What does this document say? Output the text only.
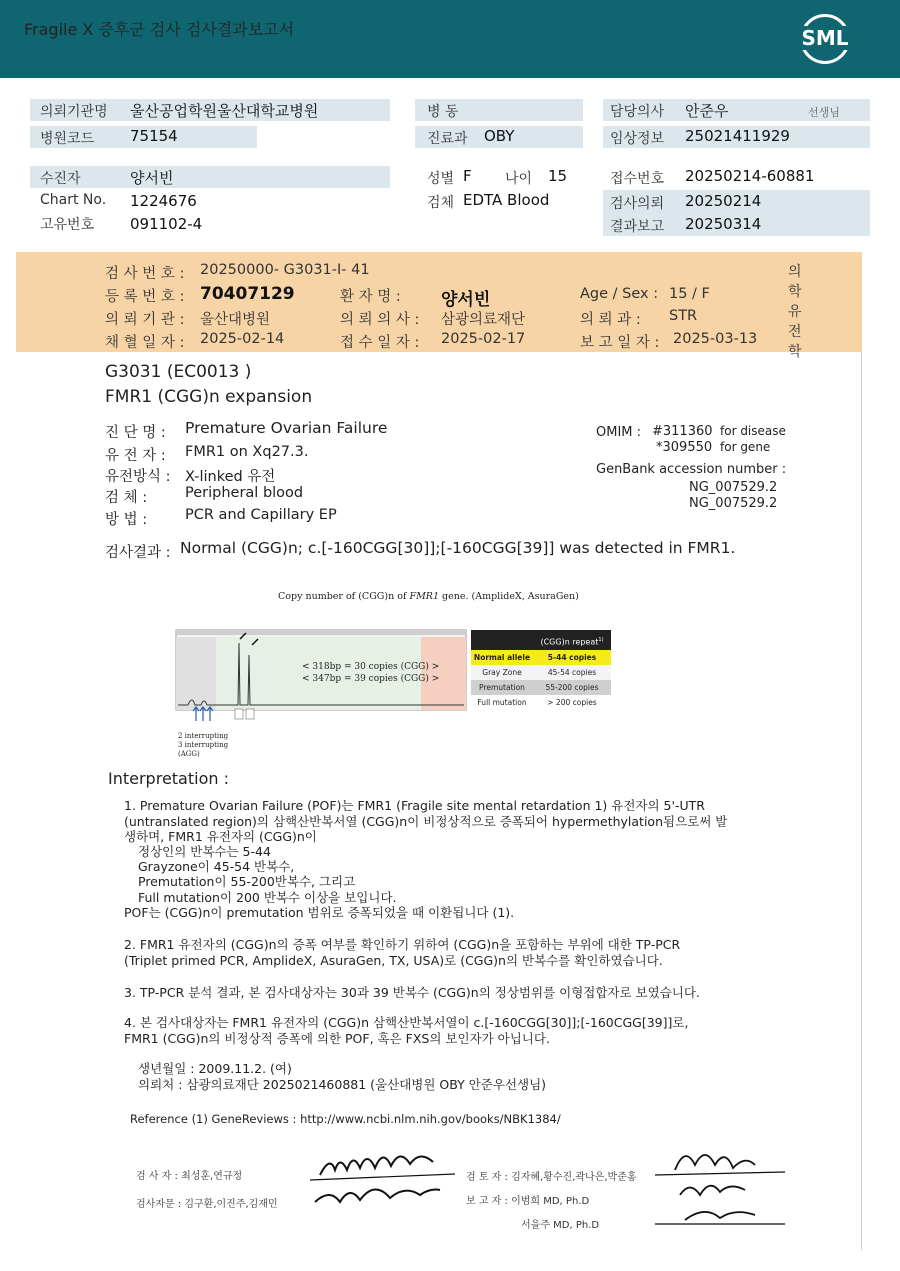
Fragile X 증후군 검사 검사결과보고서	SML
의뢰기관명 울산공업학원울산대학교병원	병 동	담당의사 안준우	선생님
병원코드 75154	진료과 OBY	임상정보 25021411929
수진자	양서빈	성별 F 나이 15	접수번호 20250214-60881
Chart No. 1224676	검체 EDTA Blood	검사의뢰 20250214
고유번호 091102-4	결과보고 20250314
검 사 번 호 : 20250000- G3031-I- 41
등 록 번 호 : 70407129	환 자 명 : 양서빈	Age / Sex : 15 / F
의 뢰 기 관 : 울산대병원	의 뢰 의 사 : 삼광의료재단	의 뢰 과 : STR
채 혈 일 자 : 2025-02-14	접 수 일 자 : 2025-02-17	보 고 일 자 : 2025-03-13
의
학
유
전
학
G3031 (EC0013 )
FMR1 (CGG)n expansion
진 단 명 : Premature Ovarian Failure
유 전 자 : FMR1 on Xq27.3.
유전방식 : X-linked 유전
검 체 :	Peripheral blood
방 법 :	PCR and Capillary EP
OMIM : #311360 for disease
*309550 for gene
GenBank accession number :
NG_007529.2
NG_007529.2
검사결과 : Normal (CGG)n; c.[-160CGG[30]];[-160CGG[39]] was detected in FMR1.
Copy number of (CGG)n of FMR1 gene. (AmplideX, AsuraGen)
< 318bp = 30 copies (CGG) >
< 347bp = 39 copies (CGG) >
2 interrupting
3 interrupting
(AGG)
(CGG)n repeat$^{1)}$
Normal allele	5-44 copies
Gray Zone	45-54 copies
Premutation	55-200 copies
Full mutation	> 200 copies
Interpretation :
1. Premature Ovarian Failure (POF)는 FMR1 (Fragile site mental retardation 1) 유전자의 5'-UTR
(untranslated region)의 삼핵산반복서열 (CGG)n이 비정상적으로 증폭되어 hypermethylation됨으로써 발
생하며, FMR1 유전자의 (CGG)n이
정상인의 반복수는 5-44
Grayzone이 45-54 반복수,
Premutation이 55-200반복수, 그리고
Full mutation이 200 반복수 이상을 보입니다.
POF는 (CGG)n이 premutation 범위로 증폭되었을 때 이환됩니다 (1).
2. FMR1 유전자의 (CGG)n의 증폭 여부를 확인하기 위하여 (CGG)n을 포함하는 부위에 대한 TP-PCR
(Triplet primed PCR, AmplideX, AsuraGen, TX, USA)로 (CGG)n의 반복수를 확인하였습니다.
3. TP-PCR 분석 결과, 본 검사대상자는 30과 39 반복수 (CGG)n의 정상범위를 이형접합자로 보였습니다.
4. 본 검사대상자는 FMR1 유전자의 (CGG)n 삼핵산반복서열이 c.[-160CGG[30]];[-160CGG[39]]로,
FMR1 (CGG)n의 비정상적 증폭에 의한 POF, 혹은 FXS의 보인자가 아닙니다.
생년월일 : 2009.11.2. (여)
의뢰처 : 삼광의료재단 2025021460881 (울산대병원 OBY 안준우선생님)
Reference (1) GeneReviews : http://www.ncbi.nlm.nih.gov/books/NBK1384/
검 사 자 : 최성훈,연규정
검사자문 : 김구환,이진주,김재민
검 토 자 : 김자혜,황수진,곽나은,박준홍
보 고 자 : 이범희 MD, Ph.D
서을주 MD, Ph.D
